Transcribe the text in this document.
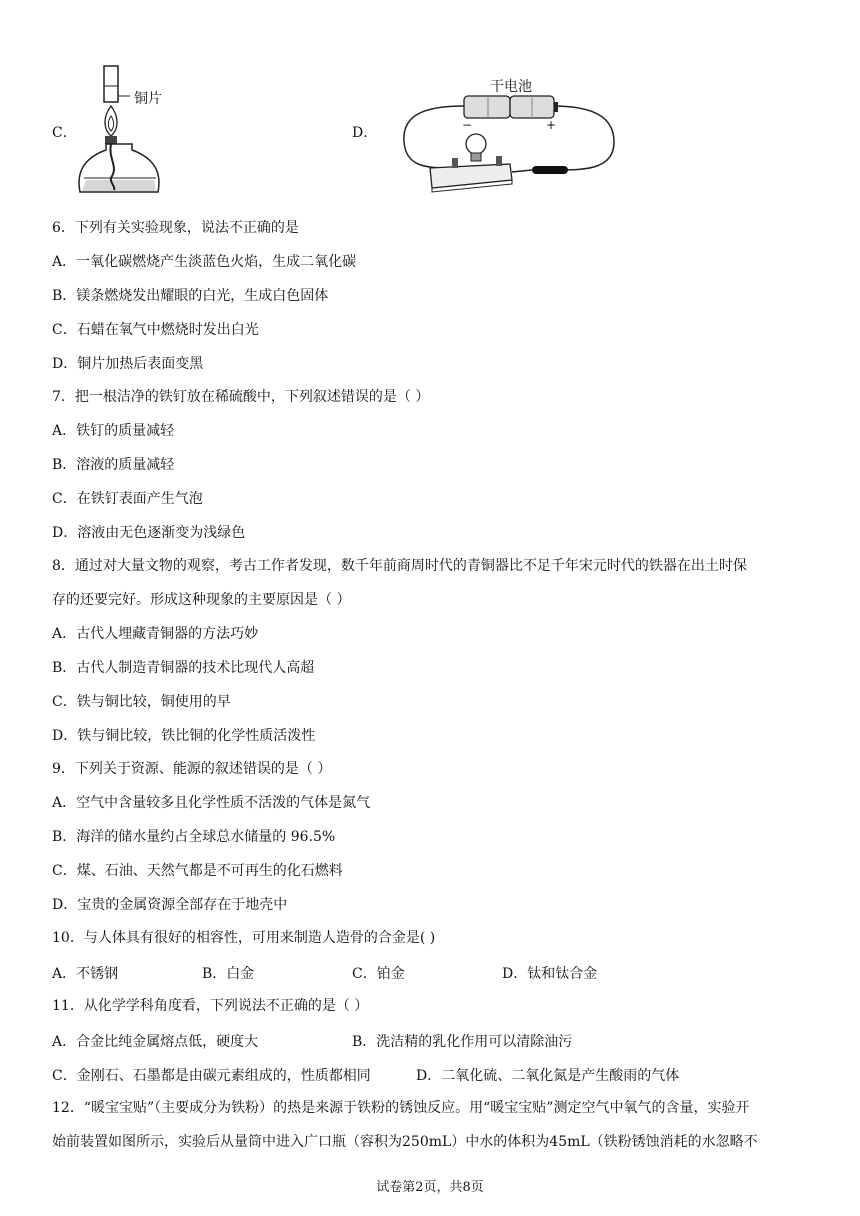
C．
铜片
D．
干电池
−	+
6．下列有关实验现象，说法不正确的是
A．一氧化碳燃烧产生淡蓝色火焰，生成二氧化碳
B．镁条燃烧发出耀眼的白光，生成白色固体
C．石蜡在氧气中燃烧时发出白光
D．铜片加热后表面变黑
7．把一根洁净的铁钉放在稀硫酸中，下列叙述错误的是（ ）
A．铁钉的质量减轻
B．溶液的质量减轻
C．在铁钉表面产生气泡
D．溶液由无色逐渐变为浅绿色
8．通过对大量文物的观察，考古工作者发现，数千年前商周时代的青铜器比不足千年宋元时代的铁器在出土时保
存的还要完好。形成这种现象的主要原因是（ ）
A．古代人埋藏青铜器的方法巧妙
B．古代人制造青铜器的技术比现代人高超
C．铁与铜比较，铜使用的早
D．铁与铜比较，铁比铜的化学性质活泼性
9．下列关于资源、能源的叙述错误的是（ ）
A．空气中含量较多且化学性质不活泼的气体是氮气
B．海洋的储水量约占全球总水储量的 96.5%
C．煤、石油、天然气都是不可再生的化石燃料
D．宝贵的金属资源全部存在于地壳中
10．与人体具有很好的相容性，可用来制造人造骨的合金是( )
A．不锈钢	B．白金	C．铂金	D．钛和钛合金
11．从化学学科角度看，下列说法不正确的是（ ）
A．合金比纯金属熔点低，硬度大	B．洗洁精的乳化作用可以清除油污
C．金刚石、石墨都是由碳元素组成的，性质都相同	D．二氧化硫、二氧化氮是产生酸雨的气体
12．“暖宝宝贴”（主要成分为铁粉）的热是来源于铁粉的锈蚀反应。用“暖宝宝贴”测定空气中氧气的含量，实验开
始前装置如图所示，实验后从量筒中进入广口瓶（容积为250mL）中水的体积为45mL（铁粉锈蚀消耗的水忽略不
试卷第2页，共8页
